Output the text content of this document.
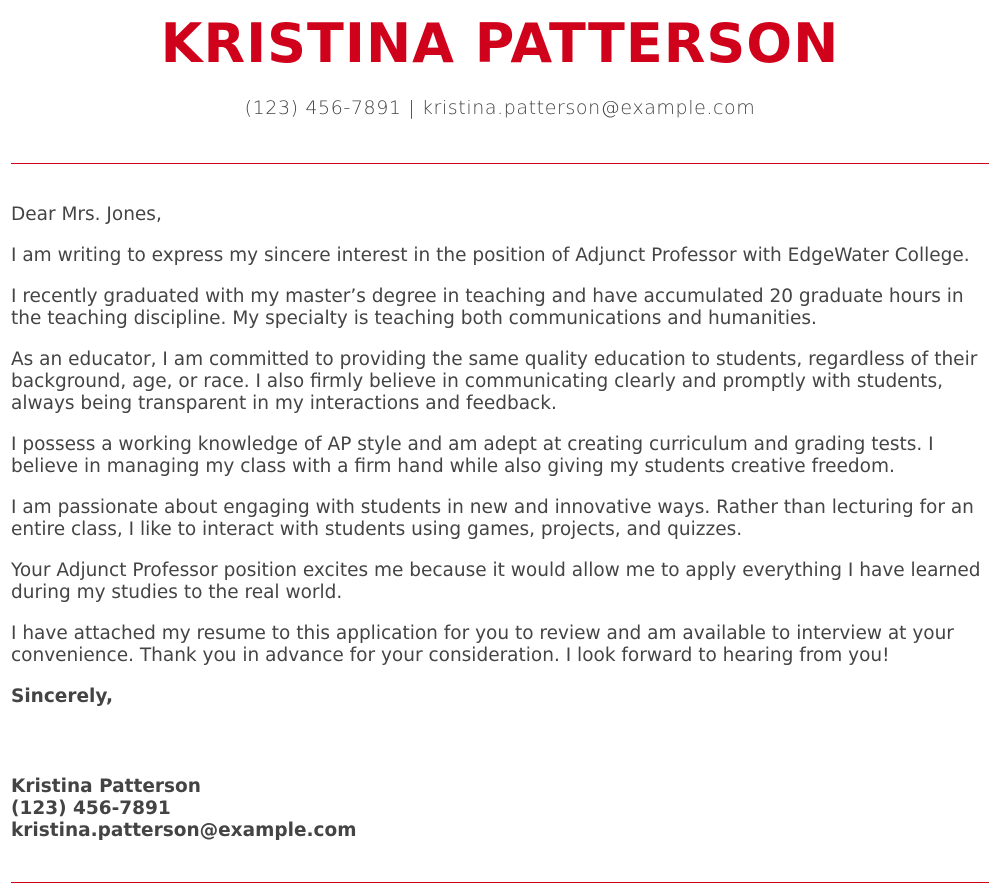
KRISTINA PATTERSON
(123) 456-7891 | kristina.patterson@example.com

Dear Mrs. Jones,

I am writing to express my sincere interest in the position of Adjunct Professor with EdgeWater College.

I recently graduated with my master’s degree in teaching and have accumulated 20 graduate hours in the teaching discipline. My specialty is teaching both communications and humanities.

As an educator, I am committed to providing the same quality education to students, regardless of their background, age, or race. I also firmly believe in communicating clearly and promptly with students, always being transparent in my interactions and feedback.

I possess a working knowledge of AP style and am adept at creating curriculum and grading tests. I believe in managing my class with a firm hand while also giving my students creative freedom.

I am passionate about engaging with students in new and innovative ways. Rather than lecturing for an entire class, I like to interact with students using games, projects, and quizzes.

Your Adjunct Professor position excites me because it would allow me to apply everything I have learned during my studies to the real world.

I have attached my resume to this application for you to review and am available to interview at your convenience. Thank you in advance for your consideration. I look forward to hearing from you!

Sincerely,

Kristina Patterson
(123) 456-7891
kristina.patterson@example.com
